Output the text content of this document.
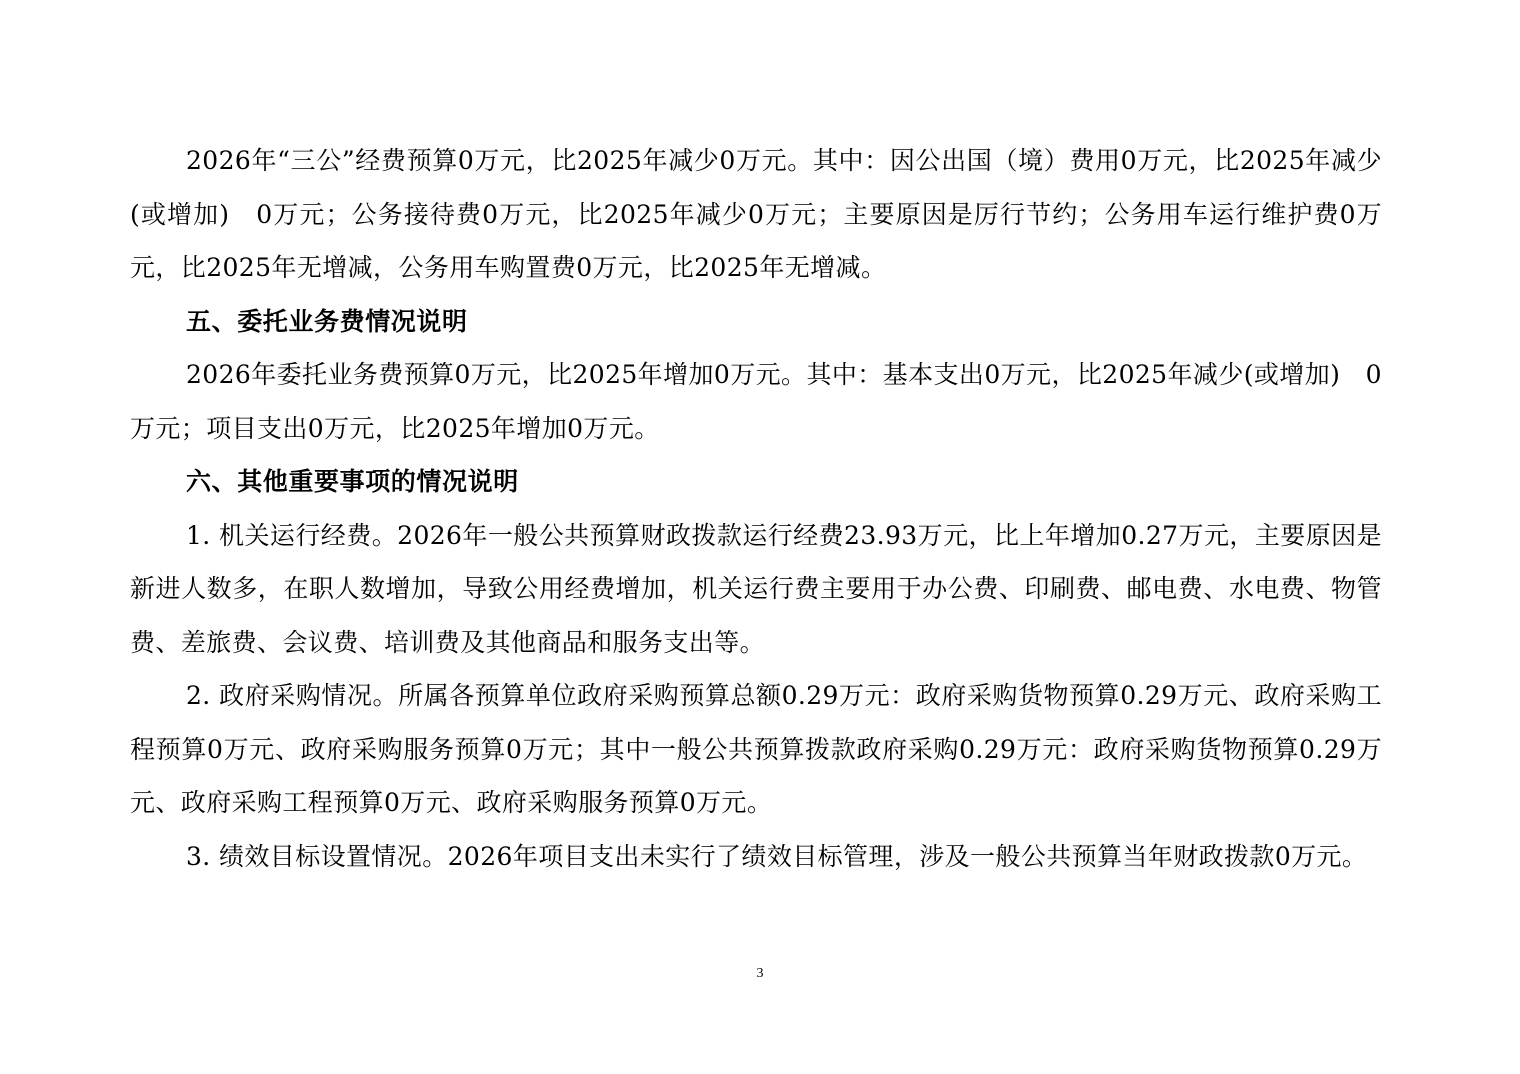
2026年“三公”经费预算0万元，比2025年减少0万元。其中：因公出国（境）费用0万元，比2025年减少(或增加)　0万元；公务接待费0万元，比2025年减少0万元；主要原因是厉行节约；公务用车运行维护费0万元，比2025年无增减，公务用车购置费0万元，比2025年无增减。

五、委托业务费情况说明

2026年委托业务费预算0万元，比2025年增加0万元。其中：基本支出0万元，比2025年减少(或增加)　0万元；项目支出0万元，比2025年增加0万元。

六、其他重要事项的情况说明

1. 机关运行经费。2026年一般公共预算财政拨款运行经费23.93万元，比上年增加0.27万元，主要原因是新进人数多，在职人数增加，导致公用经费增加，机关运行费主要用于办公费、印刷费、邮电费、水电费、物管费、差旅费、会议费、培训费及其他商品和服务支出等。

2. 政府采购情况。所属各预算单位政府采购预算总额0.29万元：政府采购货物预算0.29万元、政府采购工程预算0万元、政府采购服务预算0万元；其中一般公共预算拨款政府采购0.29万元：政府采购货物预算0.29万元、政府采购工程预算0万元、政府采购服务预算0万元。

3. 绩效目标设置情况。2026年项目支出未实行了绩效目标管理，涉及一般公共预算当年财政拨款0万元。

3
